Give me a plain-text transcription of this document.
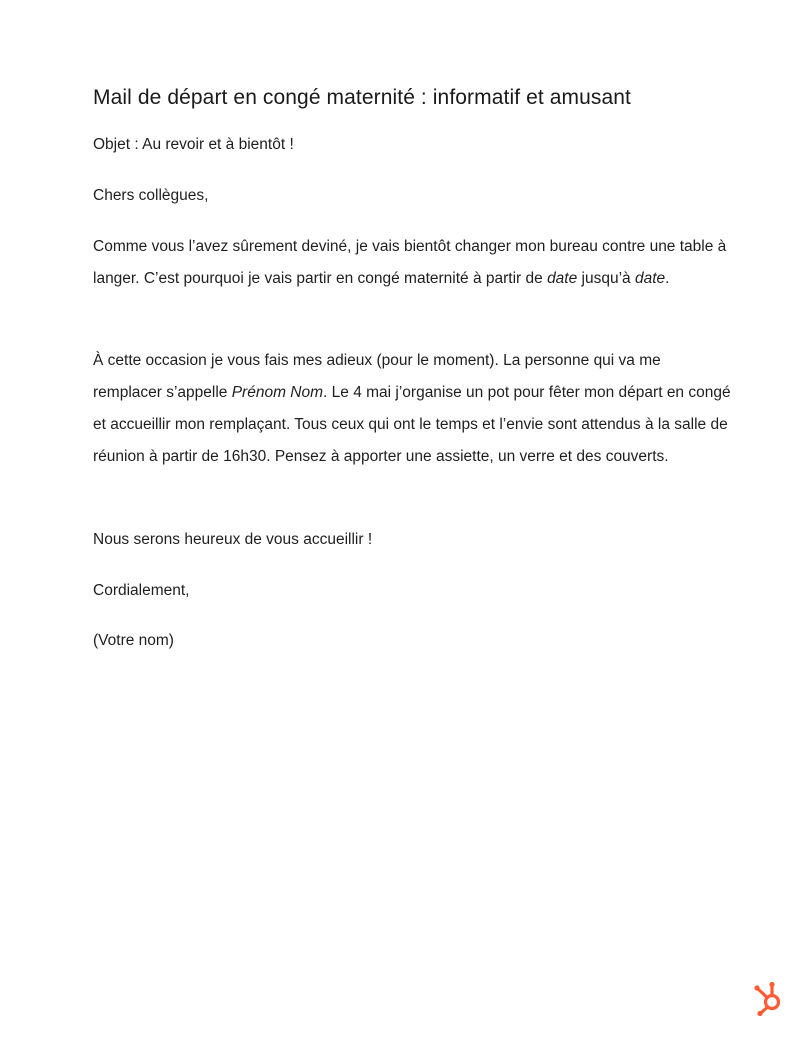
Mail de départ en congé maternité : informatif et amusant

Objet : Au revoir et à bientôt !

Chers collègues,

Comme vous l’avez sûrement deviné, je vais bientôt changer mon bureau contre une table à langer. C’est pourquoi je vais partir en congé maternité à partir de date jusqu’à date.

À cette occasion je vous fais mes adieux (pour le moment). La personne qui va me remplacer s’appelle Prénom Nom. Le 4 mai j’organise un pot pour fêter mon départ en congé et accueillir mon remplaçant. Tous ceux qui ont le temps et l’envie sont attendus à la salle de réunion à partir de 16h30. Pensez à apporter une assiette, un verre et des couverts.

Nous serons heureux de vous accueillir !

Cordialement,

(Votre nom)
